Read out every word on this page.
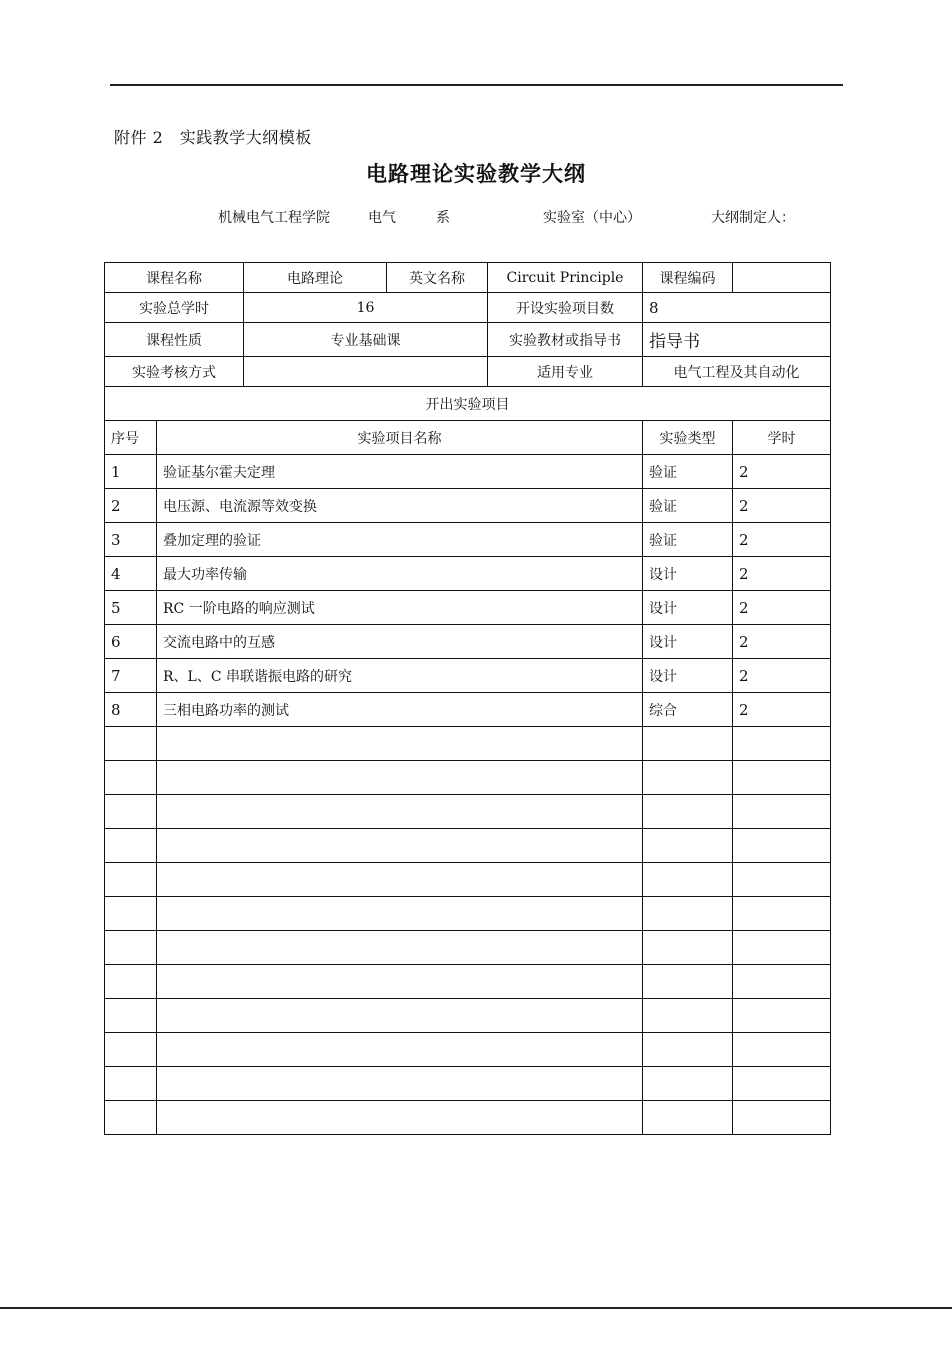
附件 2　实践教学大纲模板
电路理论实验教学大纲
机械电气工程学院	电气	系	实验室（中心）	大纲制定人：
课程名称		电路理论	英文名称	Circuit Principle	课程编码	
实验总学时		16		开设实验项目数	8	
课程性质		专业基础课		实验教材或指导书	指导书	
实验考核方式				适用专业	电气工程及其自动化	
开出实验项目						
序号	实验项目名称				实验类型	学时
1	验证基尔霍夫定理				验证	2
2	电压源、电流源等效变换				验证	2
3	叠加定理的验证				验证	2
4	最大功率传输				设计	2
5	RC 一阶电路的响应测试				设计	2
6	交流电路中的互感				设计	2
7	R、L、C 串联谐振电路的研究				设计	2
8	三相电路功率的测试				综合	2
